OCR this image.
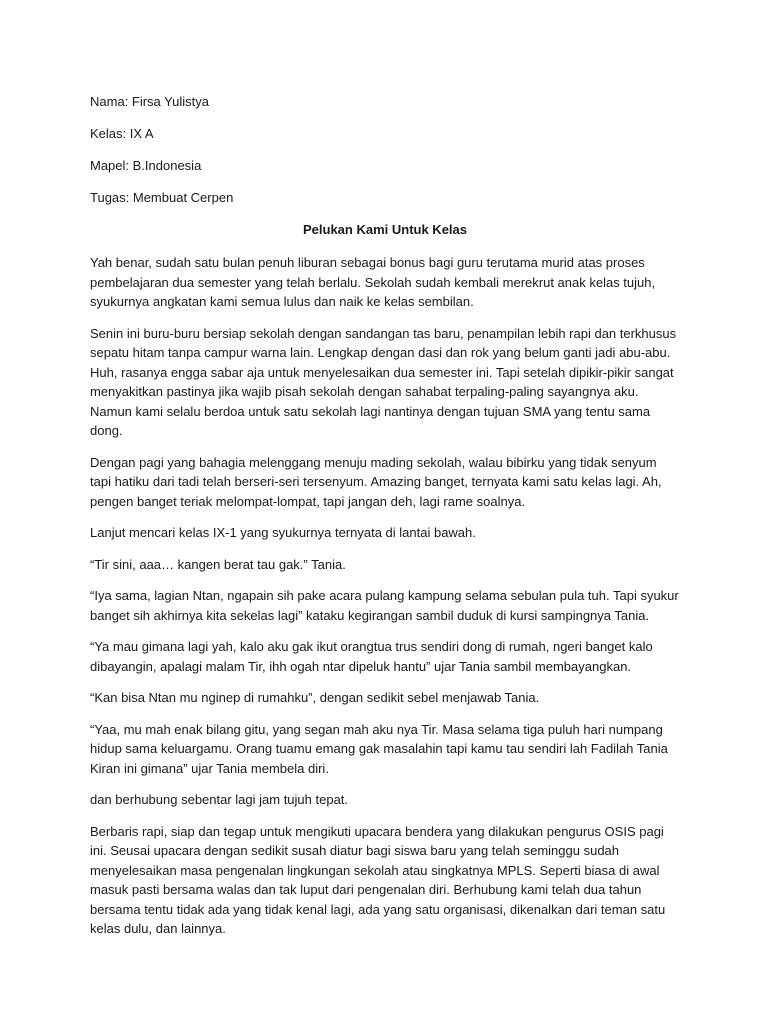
Nama: Firsa Yulistya

Kelas: IX A

Mapel: B.Indonesia

Tugas: Membuat Cerpen

Pelukan Kami Untuk Kelas

Yah benar, sudah satu bulan penuh liburan sebagai bonus bagi guru terutama murid atas proses pembelajaran dua semester yang telah berlalu. Sekolah sudah kembali merekrut anak kelas tujuh, syukurnya angkatan kami semua lulus dan naik ke kelas sembilan.

Senin ini buru-buru bersiap sekolah dengan sandangan tas baru, penampilan lebih rapi dan terkhusus sepatu hitam tanpa campur warna lain. Lengkap dengan dasi dan rok yang belum ganti jadi abu-abu. Huh, rasanya engga sabar aja untuk menyelesaikan dua semester ini. Tapi setelah dipikir-pikir sangat menyakitkan pastinya jika wajib pisah sekolah dengan sahabat terpaling-paling sayangnya aku. Namun kami selalu berdoa untuk satu sekolah lagi nantinya dengan tujuan SMA yang tentu sama dong.

Dengan pagi yang bahagia melenggang menuju mading sekolah, walau bibirku yang tidak senyum tapi hatiku dari tadi telah berseri-seri tersenyum. Amazing banget, ternyata kami satu kelas lagi. Ah, pengen banget teriak melompat-lompat, tapi jangan deh, lagi rame soalnya.

Lanjut mencari kelas IX-1 yang syukurnya ternyata di lantai bawah.

“Tir sini, aaa… kangen berat tau gak.” Tania.

“Iya sama, lagian Ntan, ngapain sih pake acara pulang kampung selama sebulan pula tuh. Tapi syukur banget sih akhirnya kita sekelas lagi” kataku kegirangan sambil duduk di kursi sampingnya Tania.

“Ya mau gimana lagi yah, kalo aku gak ikut orangtua trus sendiri dong di rumah, ngeri banget kalo dibayangin, apalagi malam Tir, ihh ogah ntar dipeluk hantu” ujar Tania sambil membayangkan.

“Kan bisa Ntan mu nginep di rumahku”, dengan sedikit sebel menjawab Tania.

“Yaa, mu mah enak bilang gitu, yang segan mah aku nya Tir. Masa selama tiga puluh hari numpang hidup sama keluargamu. Orang tuamu emang gak masalahin tapi kamu tau sendiri lah Fadilah Tania Kiran ini gimana” ujar Tania membela diri.

dan berhubung sebentar lagi jam tujuh tepat.

Berbaris rapi, siap dan tegap untuk mengikuti upacara bendera yang dilakukan pengurus OSIS pagi ini. Seusai upacara dengan sedikit susah diatur bagi siswa baru yang telah seminggu sudah menyelesaikan masa pengenalan lingkungan sekolah atau singkatnya MPLS. Seperti biasa di awal masuk pasti bersama walas dan tak luput dari pengenalan diri. Berhubung kami telah dua tahun bersama tentu tidak ada yang tidak kenal lagi, ada yang satu organisasi, dikenalkan dari teman satu kelas dulu, dan lainnya.
